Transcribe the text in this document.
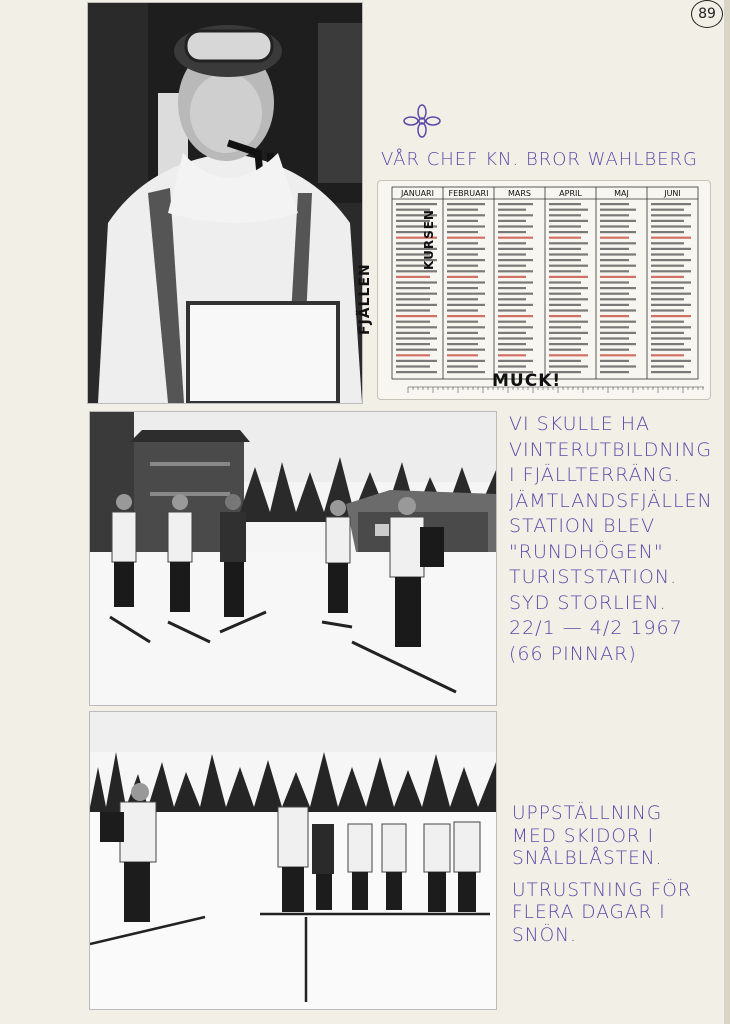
89
VÅR CHEF KN. BROR WAHLBERG
JANUARI FEBRUARI MARS	APRIL	MAJ	JUNI
FJÄLLEN
KURSEN
MUCK!
VI SKULLE HA
VINTERUTBILDNING
I FJÄLLTERRÄNG.
JÄMTLANDSFJÄLLEN
STATION BLEV
"RUNDHÖGEN"
TURISTSTATION.
SYD STORLIEN.
22/1 — 4/2 1967
(66 PINNAR)
UPPSTÄLLNING
MED SKIDOR I
SNÅLBLÅSTEN.
UTRUSTNING FÖR
FLERA DAGAR I
SNÖN.
